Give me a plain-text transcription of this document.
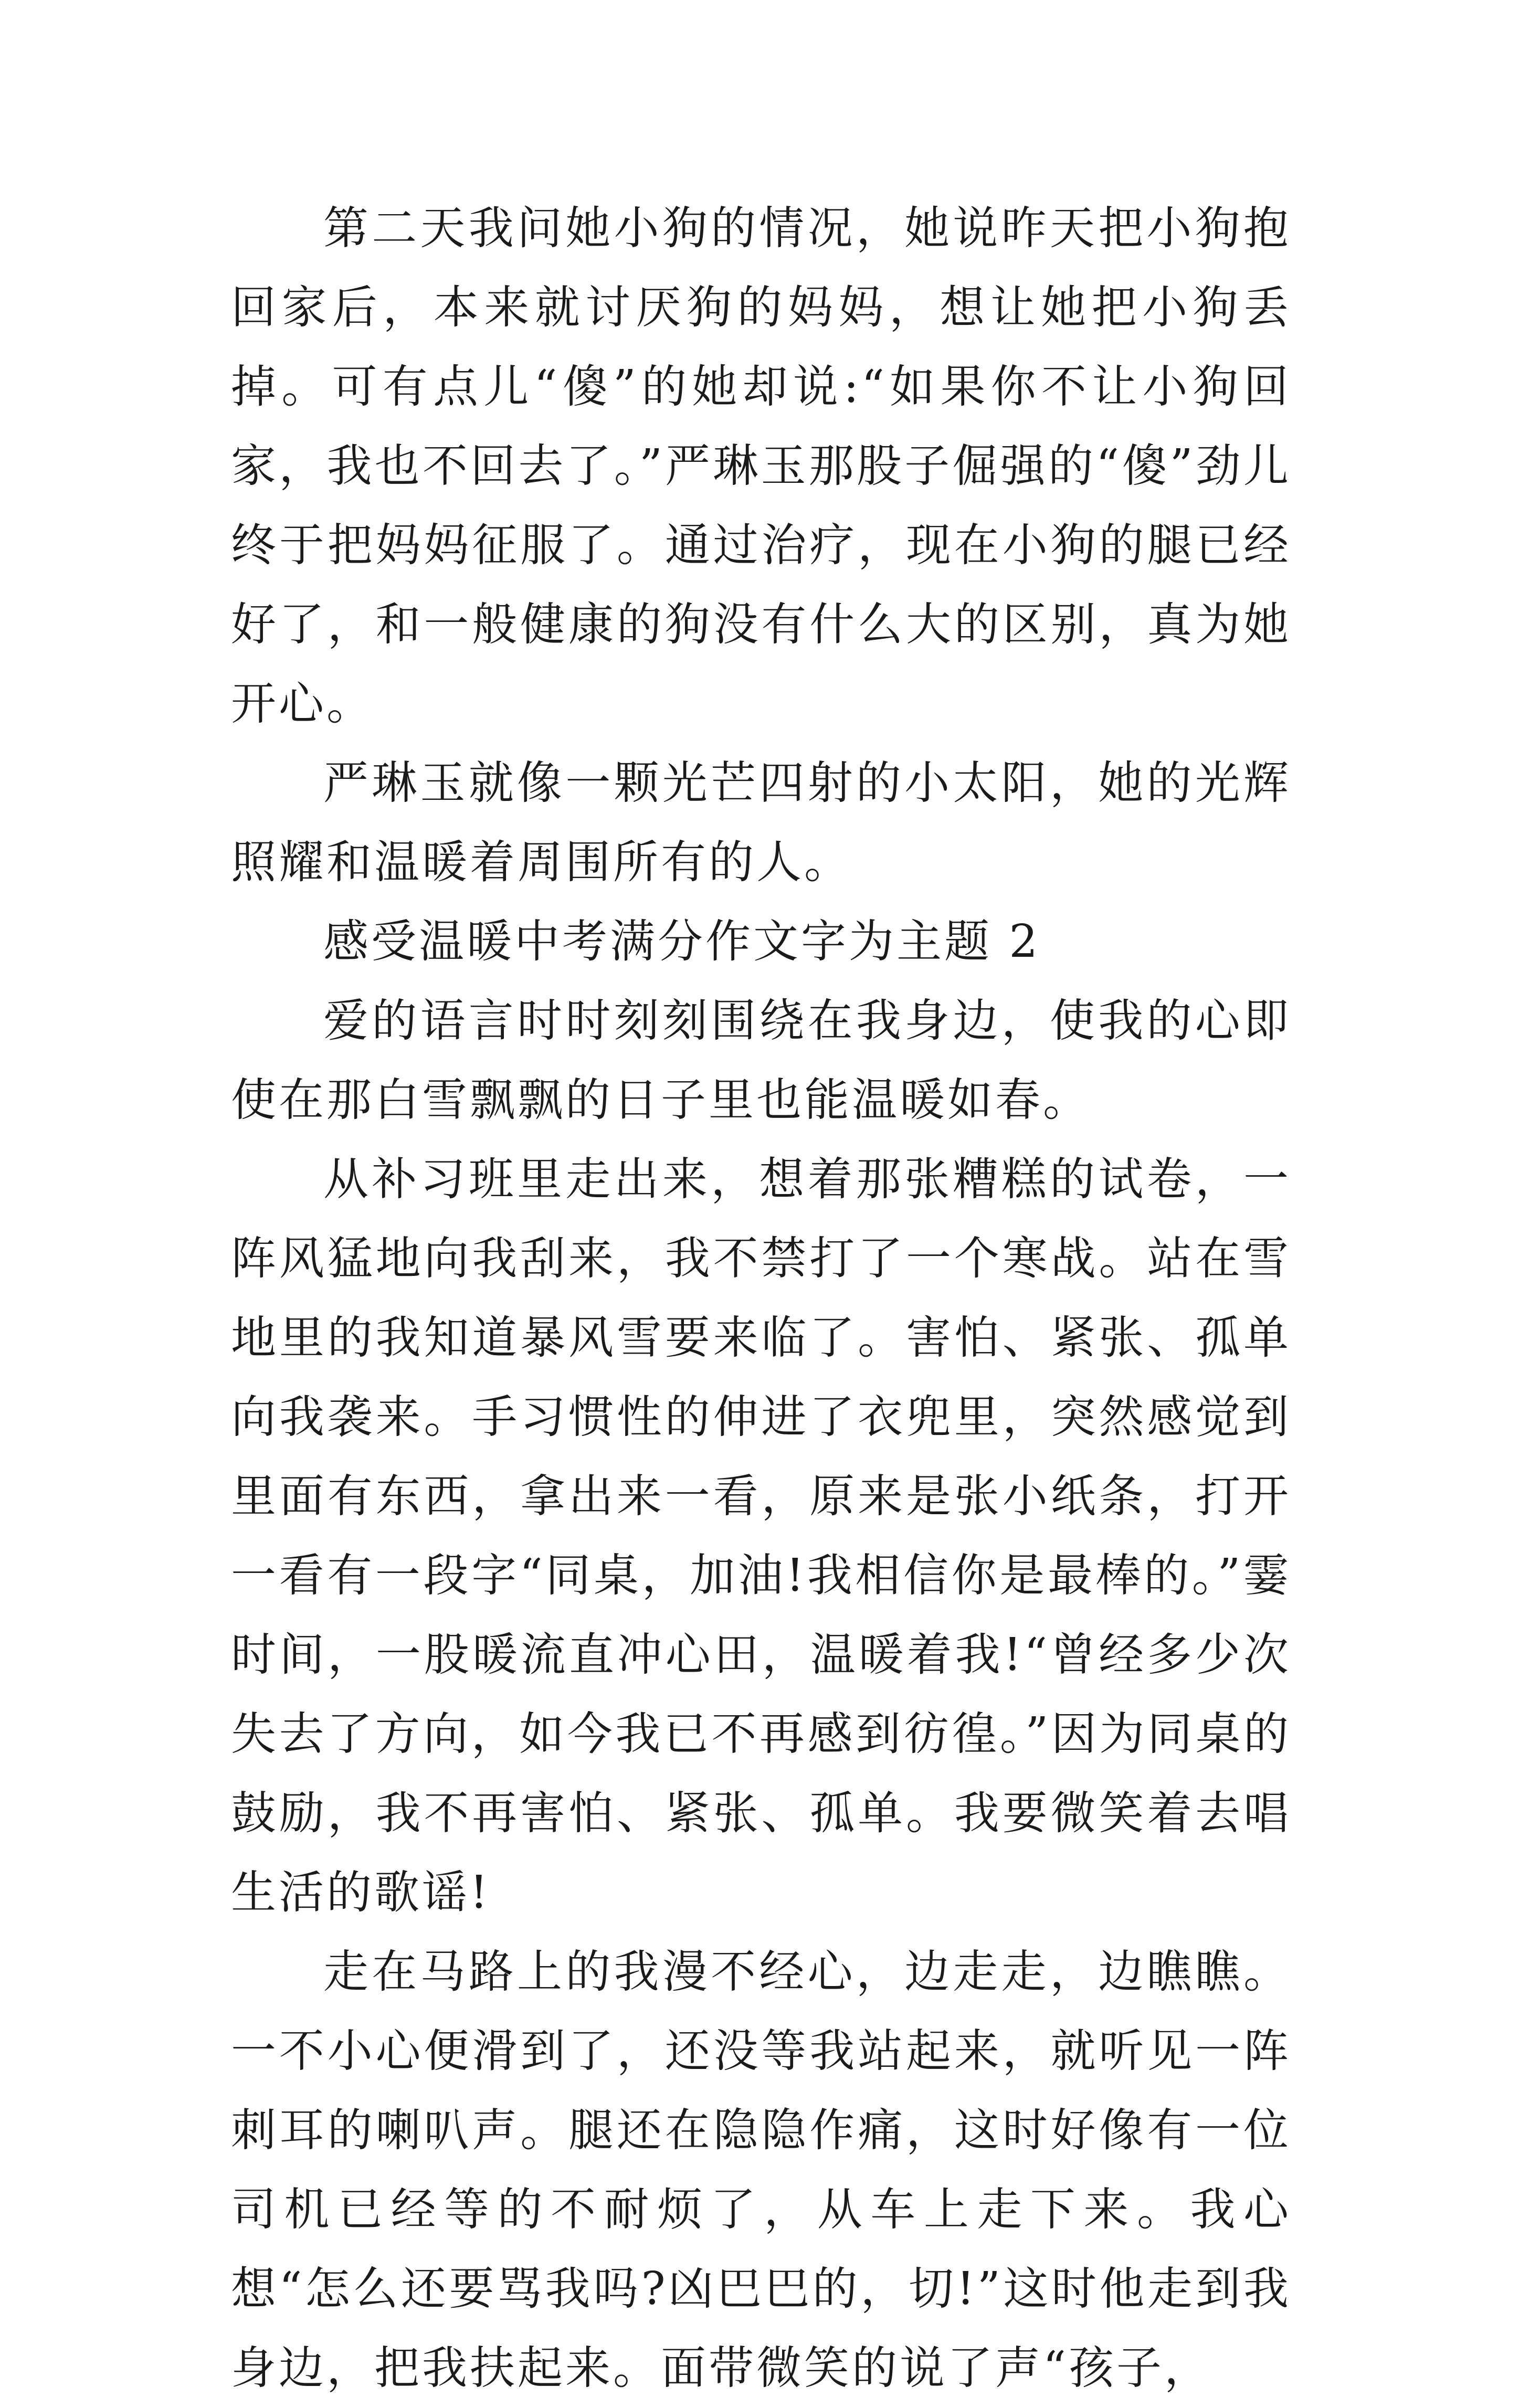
第二天我问她小狗的情况，她说昨天把小狗抱回家后，本来就讨厌狗的妈妈，想让她把小狗丢掉。可有点儿“傻”的她却说:“如果你不让小狗回家，我也不回去了。”严琳玉那股子倔强的“傻”劲儿终于把妈妈征服了。通过治疗，现在小狗的腿已经好了，和一般健康的狗没有什么大的区别，真为她开心。

严琳玉就像一颗光芒四射的小太阳，她的光辉照耀和温暖着周围所有的人。

感受温暖中考满分作文字为主题 2

爱的语言时时刻刻围绕在我身边，使我的心即使在那白雪飘飘的日子里也能温暖如春。

从补习班里走出来，想着那张糟糕的试卷，一阵风猛地向我刮来，我不禁打了一个寒战。站在雪地里的我知道暴风雪要来临了。害怕、紧张、孤单向我袭来。手习惯性的伸进了衣兜里，突然感觉到里面有东西，拿出来一看，原来是张小纸条，打开一看有一段字“同桌，加油!我相信你是最棒的。”霎时间，一股暖流直冲心田，温暖着我!“曾经多少次失去了方向，如今我已不再感到彷徨。”因为同桌的鼓励，我不再害怕、紧张、孤单。我要微笑着去唱生活的歌谣!

走在马路上的我漫不经心，边走走，边瞧瞧。一不小心便滑到了，还没等我站起来，就听见一阵刺耳的喇叭声。腿还在隐隐作痛，这时好像有一位司机已经等的不耐烦了，从车上走下来。我心想“怎么还要骂我吗?凶巴巴的，切!”这时他走到我身边，把我扶起来。面带微笑的说了声“孩子，
